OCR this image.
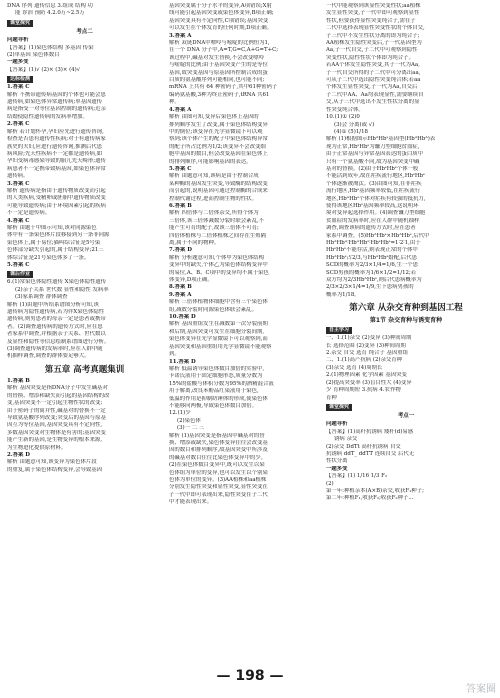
DNA 序列 遗传信息 3.组成 结构 功
能 诊治 预防 4.2.0万~2.5万
课堂探究
考点二
问题导析
【答案】(1)染色体结构 多基因 传染
(2)单基因 染色体数目
一题多变
【答案】(1)√ (2)× (3)× (4)√
达标检测
1.答案 C
解析 不携带遗传病基因的个体也可能会患
遗传病,如染色体异常遗传病;单基因遗传
病是指受一对等位基因控制的遗传病;近亲
结婚使隐性遗传病的发病率增加。
2.答案 C
解析 若计划怀孕,孕妇应先进行遗传咨询,
检查是否患有遗传性疾病;对于有遗传病家
族史的夫妇,应进行遗传咨询,推测后代患
病风险;先天性疾病不一定都是遗传病,如
孕妇受病毒感染导致的胎儿先天畸形;遗传
病患者不一定携带致病基因,如染色体异常
遗传病。
3.答案 C
解析 遗传病是指由于遗传物质改变而引起
的人类疾病,受精卵或胚胎中遗传物质改变
可能导致遗传病;由于环境因素引起的疾病
不一定是遗传病。
4.答案 C
解析 由题干中图示可知,该对同源染色
体中有一条染色体片段移接到另一条非同源
染色体上,属于易位;猫叫综合征是5号染
色体部分缺失引起的,属于结构变异;21三
体综合征是21号染色体多了一条。
5.答案 C
课后作业
6.(1)常染色体隐性遗传 X染色体隐性遗传
(2)亲子关系 世代数 显性和隐性 发病率
(3)家系调查 群体调查
解析 (1)由题中所给系谱图分析可知,该
遗传病为隐性遗传病,若为伴X染色体隐性
遗传病,则男患者的母亲一定是患者或携带
者。(2)调查遗传病的遗传方式时,应在患
者家系中调查,并根据亲子关系、世代数以
及显性和隐性等信息绘制系谱图进行分析。
(3)调查遗传病的发病率时,应在人群中随
机抽样调查,调查的群体要足够大。
第五章 高考真题集训
1.答案 B
解析 基因突变是指DNA分子中发生碱基对
的替换、增添和缺失而引起的基因结构的改
变,基因突变不一定引起生物性状的改变;
由于密码子的简并性,碱基对的替换不一定
导致氨基酸序列改变;突变后的基因与原基
因互为等位基因,基因突变具有不定向性,
多数基因突变对生物体是有害的;基因突变
能产生新的基因,是生物变异的根本来源,
为生物进化提供原材料。
2.答案 D
解析 由题意可知,该变异为染色体片段
的重复,属于染色体结构变异,会导致基因
基因突变属于分子水平的变异,A项错误;X射
线可能引起基因突变或染色体变异,B项正确;
基因突变具有不定向性,C项错误;基因突变
可以发生在个体发育的任何时期,D项正确。
3.答案 A
解析 双链DNA中嘌呤与嘧啶的比例恒为1,
在一个 DNA 分子中,A=T,G=C,A+G=T+C;
该过程中,碱基对发生替换,不会改变嘌呤
与嘧啶的比例;由于基因突变产生的是等位
基因,故突变基因与原基因所控制合成的蛋
白质的氨基酸序列可能相同,也可能不同;
mRNA 上共有 64 种密码子,其中61种密码子
编码氨基酸,3种为终止密码子,tRNA 共61
种。
4.答案 A
解析 由图可知,变异后染色体上基因的
排列顺序发生了改变,属于染色体结构变异
中的倒位;该变异在光学显微镜下可以观
察到;该个体产生的配子中染色体结构异常
的配子所占比例为1/2;该变异不会改变细
胞中基因的数目,但会改变基因在染色体上
的排列顺序,可能影响基因的表达。
5.答案 C
解析 由题意可知,该病是由于控制合成
某种酶的基因发生突变,导致酶的结构改变
而引起的,说明基因可通过控制酶的合成来
控制代谢过程,进而控制生物的性状。
6.答案 B
解析 四倍体与二倍体杂交,所得个体为
三倍体,该三倍体减数分裂时联会紊乱,不
能产生可育的配子,故该三倍体不可育;
四倍体植株与二倍体植株之间存在生殖隔
离,属于不同的物种。
7.答案 D
解析 分析题意可知,个体甲为染色体结构
变异中的缺失,个体乙为染色体结构变异中
的易位,A、B、C项中的变异均不属于染色
体变异,D项正确。
8.答案 B
9.答案 A
解析 三倍体植物体细胞中含有三个染色体
组,减数分裂时同源染色体联会紊乱。
10.答案 D
解析 基因重组发生在减数第一次分裂前期
和后期,基因突变可发生在细胞分裂间期,
染色体变异在光学显微镜下可以观察到,而
基因突变和基因重组用光学显微镜不能观察
到。
11.答案 D
解析 低温诱导染色体数目加倍的实验中,
卡诺氏液用于固定细胞形态,质量分数为
15%的盐酸与体积分数为95%的酒精混合液
用于解离,改良苯酚品红染液用于染色,
低温的作用是抑制纺锤体的形成,使染色体
不能移向两极,导致染色体数目加倍。
12.(1)少
(2)染色体
(3)一 二 三
解析 (1)基因突变是指基因中碱基对的替
换、增添或缺失,染色体变异往往会改变基
因的数目和排列顺序,故基因突变中所涉及
的碱基对数目往往比染色体变异中的少。
(2)在染色体数目变异中,既可以发生以染
色体组为单位的变异,也可以发生以个别染
色体为单位的变异。(3)AA植株和aa植株
分别发生隐性突变和显性突变,显性突变在
子一代中即可表现出来,隐性突变在子二代
中才能表现出来。
一代中能观察到该显性突变性状;aa植株
发生显性突变,子一代中即可观察到显性
性状,但要获得显性突变纯合子,需在子
二代中选择表现显性突变性状的个体自交,
子三代中不发生性状分离的即为纯合子;
AA植株发生隐性突变后,子一代基因型为
Aa,子一代自交,子二代中可观察到隐性
突变性状,隐性性状个体即为纯合子。
若AA个体发生隐性突变,其子一代为Aa,
子一代自交所得的子二代中可分离出aa,
可从子二代中选出隐性突变纯合体;若aa
个体发生显性突变,子一代为Aa,自交后
子二代中AA、Aa均表现显性,需要继续自
交,从子三代中选出不发生性状分离的显
性突变纯合体。
10.(1)① (2)0
(3)会 分离(或 √)
(4)① (5)1/18
解析 (1)根据图示HbᴬHbˢ基因型(HbᴬHbᴬ)表
现为正常,HbˢHbˢ为镰刀型细胞贫血症,
由于正常基因与异常基因表达的蛋白质中
只有一个氨基酸不同,故为基因突变中碱
基对的替换。(2)由于HbˢHbˢ个体一般
不能活到成年,故在疟疾流行地区,HbˢHbˢ
个体逐渐被淘汰。(3)由图可知,在非疟疾
流行地区,Hbˢ基因频率较低,在疟疾流行
地区,HbᴬHbˢ个体对疟疾有较强的抵抗力,
使得该地区Hbˢ基因频率较高,这说明环
境对变异起选择作用。(4)调查镰刀型细胞
贫血症的发病率时,应在人群中随机抽样
调查,调查该病的遗传方式时,应在患者
家系中调查。(5)HbᴬHbˢ×HbᴬHbˢ,后代中
HbᴬHbᴬ∶HbᴬHbˢ∶HbˢHbˢ=1∶2∶1,由于
HbˢHbˢ不能存活,则表现正常的个体中
HbᴬHbˢ占2/3,与HbᴬHbˢ婚配,后代患
SCD的概率为2/3×1/4=1/6,生一个患
SCD男孩的概率为1/6×1/2=1/12;若
双方均为2/3HbᴬHbˢ,则后代患病概率为
2/3×2/3×1/4=1/9,生下患病男孩的
概率为1/18。
第六章 从杂交育种到基因工程
第1节 杂交育种与诱变育种
自主学习
一、1.(1)杂交 (2)变异 (3)种间周期
长 选择范围 (2)变异 (3)种间周期
2.杂交 自交 选育 纯合子 基因重组
二、1.(1)高产抗病 (2)杂交育种
(3)杂交 选育 (4)周期长
2.(1)物理因素 化学因素 基因突变
(2)提高突变率 (3)盲目性大 (4)变异
少 育种周期短 3.抗病 4.农作物
育种
课堂探究
考点一
问题导析
【答案】(1)高秆抗锈病 矮秆(d)易感
锈病 杂交
(2)杂交 DdTt 高秆抗锈病 自交
抗锈病 ddT_ ddTT 连续自交 后代无
性状分离
一题多变
【答案】(1) 1/16 1/3 F₂
(2)
第一年:种植亲本(A×B)杂交,收获F₁种子;
第二年:种植F₁,收获F₂;收获F₂种子...
— 198 —
答案圈
